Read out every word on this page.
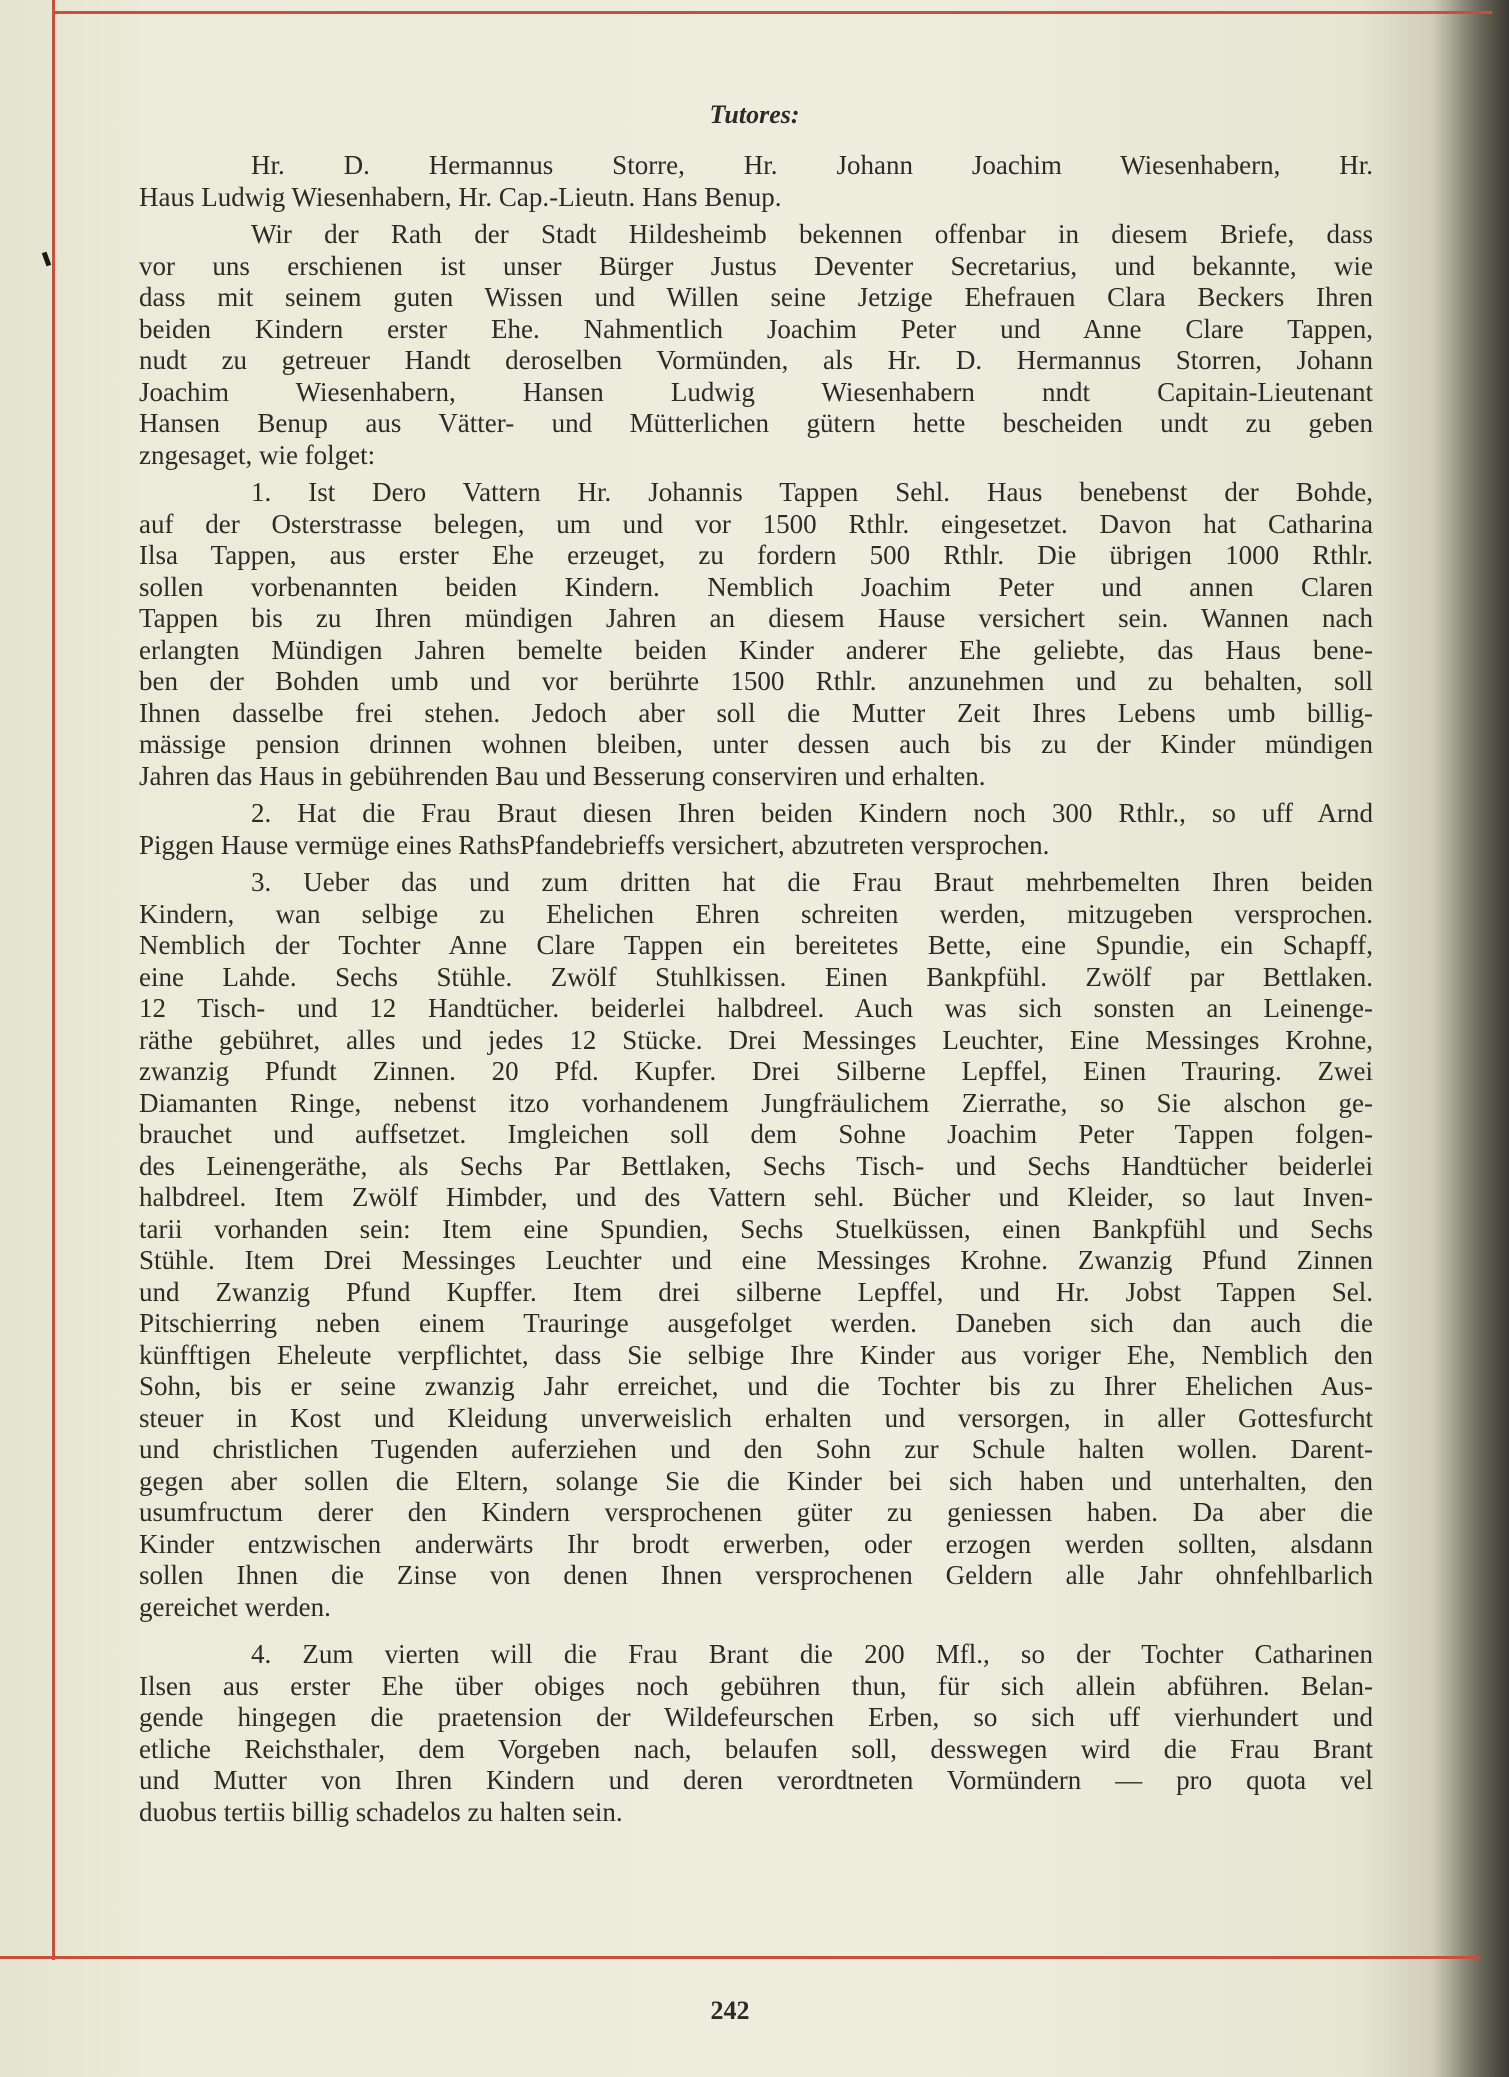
Tutores:
Hr. D. Hermannus Storre, Hr. Johann Joachim Wiesenhabern, Hr.
Haus Ludwig Wiesenhabern, Hr. Cap.-Lieutn. Hans Benup.
Wir der Rath der Stadt Hildesheimb bekennen offenbar in diesem Briefe, dass
vor uns erschienen ist unser Bürger Justus Deventer Secretarius, und bekannte, wie
dass mit seinem guten Wissen und Willen seine Jetzige Ehefrauen Clara Beckers Ihren
beiden Kindern erster Ehe. Nahmentlich Joachim Peter und Anne Clare Tappen,
nudt zu getreuer Handt deroselben Vormünden, als Hr. D. Hermannus Storren, Johann
Joachim Wiesenhabern, Hansen Ludwig Wiesenhabern nndt Capitain-Lieutenant
Hansen Benup aus Vätter- und Mütterlichen gütern hette bescheiden undt zu geben
zngesaget, wie folget:
1. Ist Dero Vattern Hr. Johannis Tappen Sehl. Haus benebenst der Bohde,
auf der Osterstrasse belegen, um und vor 1500 Rthlr. eingesetzet. Davon hat Catharina
Ilsa Tappen, aus erster Ehe erzeuget, zu fordern 500 Rthlr. Die übrigen 1000 Rthlr.
sollen vorbenannten beiden Kindern. Nemblich Joachim Peter und annen Claren
Tappen bis zu Ihren mündigen Jahren an diesem Hause versichert sein. Wannen nach
erlangten Mündigen Jahren bemelte beiden Kinder anderer Ehe geliebte, das Haus bene-
ben der Bohden umb und vor berührte 1500 Rthlr. anzunehmen und zu behalten, soll
Ihnen dasselbe frei stehen. Jedoch aber soll die Mutter Zeit Ihres Lebens umb billig-
mässige pension drinnen wohnen bleiben, unter dessen auch bis zu der Kinder mündigen
Jahren das Haus in gebührenden Bau und Besserung conserviren und erhalten.
2. Hat die Frau Braut diesen Ihren beiden Kindern noch 300 Rthlr., so uff Arnd
Piggen Hause vermüge eines RathsPfandebrieffs versichert, abzutreten versprochen.
3. Ueber das und zum dritten hat die Frau Braut mehrbemelten Ihren beiden
Kindern, wan selbige zu Ehelichen Ehren schreiten werden, mitzugeben versprochen.
Nemblich der Tochter Anne Clare Tappen ein bereitetes Bette, eine Spundie, ein Schapff,
eine Lahde. Sechs Stühle. Zwölf Stuhlkissen. Einen Bankpfühl. Zwölf par Bettlaken.
12 Tisch- und 12 Handtücher. beiderlei halbdreel. Auch was sich sonsten an Leinenge-
räthe gebühret, alles und jedes 12 Stücke. Drei Messinges Leuchter, Eine Messinges Krohne,
zwanzig Pfundt Zinnen. 20 Pfd. Kupfer. Drei Silberne Lepffel, Einen Trauring. Zwei
Diamanten Ringe, nebenst itzo vorhandenem Jungfräulichem Zierrathe, so Sie alschon ge-
brauchet und auffsetzet. Imgleichen soll dem Sohne Joachim Peter Tappen folgen-
des Leinengeräthe, als Sechs Par Bettlaken, Sechs Tisch- und Sechs Handtücher beiderlei
halbdreel. Item Zwölf Himbder, und des Vattern sehl. Bücher und Kleider, so laut Inven-
tarii vorhanden sein: Item eine Spundien, Sechs Stuelküssen, einen Bankpfühl und Sechs
Stühle. Item Drei Messinges Leuchter und eine Messinges Krohne. Zwanzig Pfund Zinnen
und Zwanzig Pfund Kupffer. Item drei silberne Lepffel, und Hr. Jobst Tappen Sel.
Pitschierring neben einem Trauringe ausgefolget werden. Daneben sich dan auch die
künfftigen Eheleute verpflichtet, dass Sie selbige Ihre Kinder aus voriger Ehe, Nemblich den
Sohn, bis er seine zwanzig Jahr erreichet, und die Tochter bis zu Ihrer Ehelichen Aus-
steuer in Kost und Kleidung unverweislich erhalten und versorgen, in aller Gottesfurcht
und christlichen Tugenden auferziehen und den Sohn zur Schule halten wollen. Darent-
gegen aber sollen die Eltern, solange Sie die Kinder bei sich haben und unterhalten, den
usumfructum derer den Kindern versprochenen güter zu geniessen haben. Da aber die
Kinder entzwischen anderwärts Ihr brodt erwerben, oder erzogen werden sollten, alsdann
sollen Ihnen die Zinse von denen Ihnen versprochenen Geldern alle Jahr ohnfehlbarlich
gereichet werden.
4. Zum vierten will die Frau Brant die 200 Mfl., so der Tochter Catharinen
Ilsen aus erster Ehe über obiges noch gebühren thun, für sich allein abführen. Belan-
gende hingegen die praetension der Wildefeurschen Erben, so sich uff vierhundert und
etliche Reichsthaler, dem Vorgeben nach, belaufen soll, desswegen wird die Frau Brant
und Mutter von Ihren Kindern und deren verordtneten Vormündern — pro quota vel
duobus tertiis billig schadelos zu halten sein.
242
